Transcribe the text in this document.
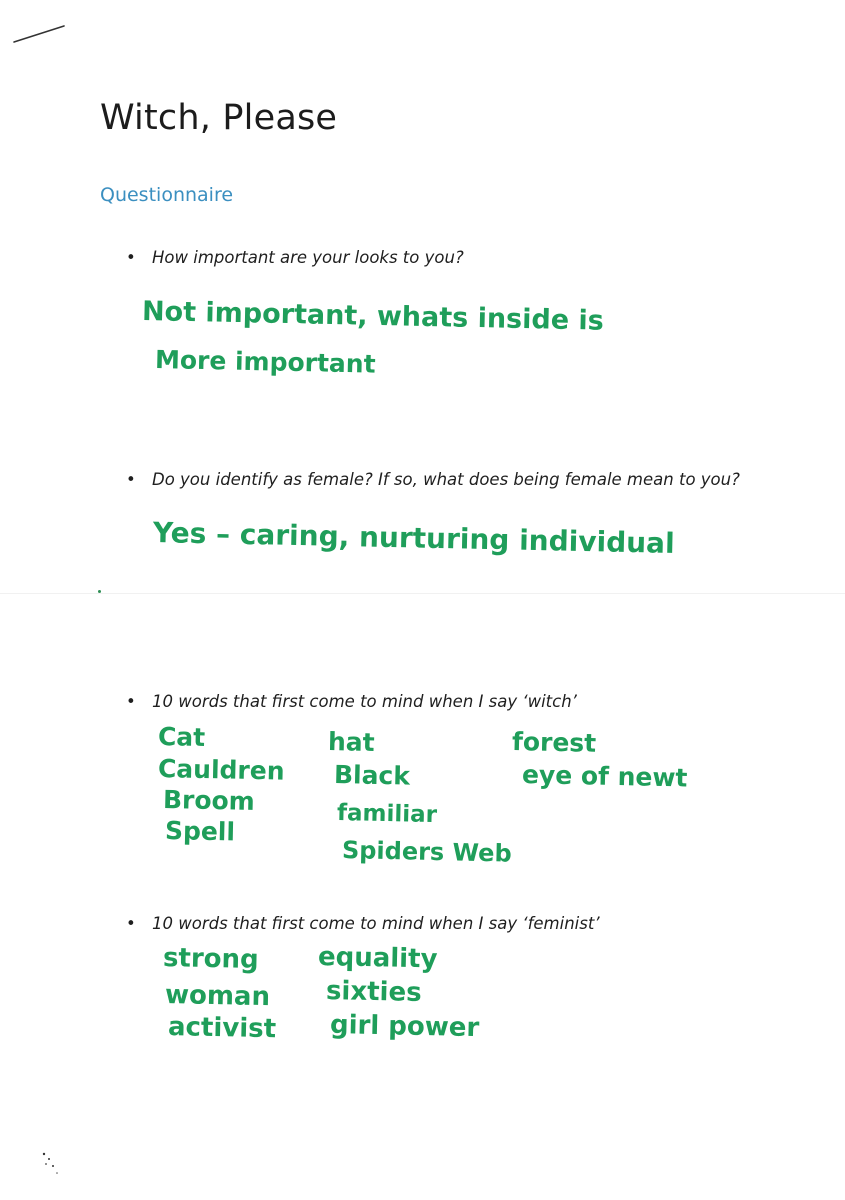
Witch, Please
Questionnaire
• How important are your looks to you?
Not important, whats inside is
More important
• Do you identify as female? If so, what does being female mean to you?
Yes – caring, nurturing individual
• 10 words that first come to mind when I say ‘witch’
Cat
Cauldren
Broom
Spell
hat
Black
familiar
Spiders Web
forest
eye of newt
• 10 words that first come to mind when I say ‘feminist’
strong
woman
activist
equality
sixties
girl power
